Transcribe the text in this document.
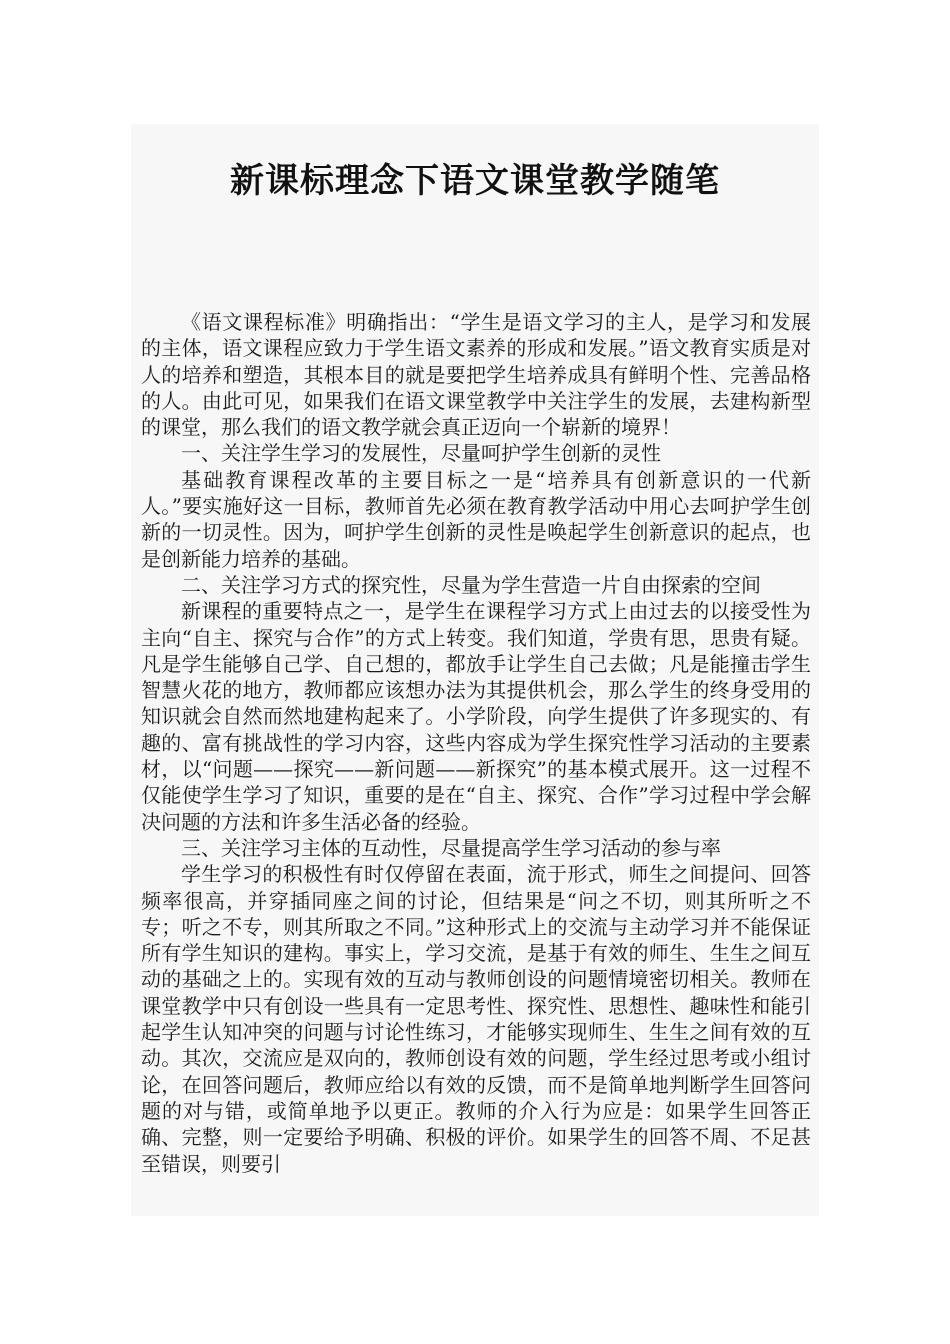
新课标理念下语文课堂教学随笔

《语文课程标准》明确指出：“学生是语文学习的主人，是学习和发展的主体，语文课程应致力于学生语文素养的形成和发展。”语文教育实质是对人的培养和塑造，其根本目的就是要把学生培养成具有鲜明个性、完善品格的人。由此可见，如果我们在语文课堂教学中关注学生的发展，去建构新型的课堂，那么我们的语文教学就会真正迈向一个崭新的境界！

一、关注学生学习的发展性，尽量呵护学生创新的灵性

基础教育课程改革的主要目标之一是“培养具有创新意识的一代新人。”要实施好这一目标，教师首先必须在教育教学活动中用心去呵护学生创新的一切灵性。因为，呵护学生创新的灵性是唤起学生创新意识的起点，也是创新能力培养的基础。

二、关注学习方式的探究性，尽量为学生营造一片自由探索的空间

新课程的重要特点之一，是学生在课程学习方式上由过去的以接受性为主向“自主、探究与合作”的方式上转变。我们知道，学贵有思，思贵有疑。凡是学生能够自己学、自己想的，都放手让学生自己去做；凡是能撞击学生智慧火花的地方，教师都应该想办法为其提供机会，那么学生的终身受用的知识就会自然而然地建构起来了。小学阶段，向学生提供了许多现实的、有趣的、富有挑战性的学习内容，这些内容成为学生探究性学习活动的主要素材，以“问题——探究——新问题——新探究”的基本模式展开。这一过程不仅能使学生学习了知识，重要的是在“自主、探究、合作”学习过程中学会解决问题的方法和许多生活必备的经验。

三、关注学习主体的互动性，尽量提高学生学习活动的参与率

学生学习的积极性有时仅停留在表面，流于形式，师生之间提问、回答频率很高，并穿插同座之间的讨论，但结果是“问之不切，则其所听之不专；听之不专，则其所取之不同。”这种形式上的交流与主动学习并不能保证所有学生知识的建构。事实上，学习交流，是基于有效的师生、生生之间互动的基础之上的。实现有效的互动与教师创设的问题情境密切相关。教师在课堂教学中只有创设一些具有一定思考性、探究性、思想性、趣味性和能引起学生认知冲突的问题与讨论性练习，才能够实现师生、生生之间有效的互动。其次，交流应是双向的，教师创设有效的问题，学生经过思考或小组讨论，在回答问题后，教师应给以有效的反馈，而不是简单地判断学生回答问题的对与错，或简单地予以更正。教师的介入行为应是：如果学生回答正确、完整，则一定要给予明确、积极的评价。如果学生的回答不周、不足甚至错误，则要引
